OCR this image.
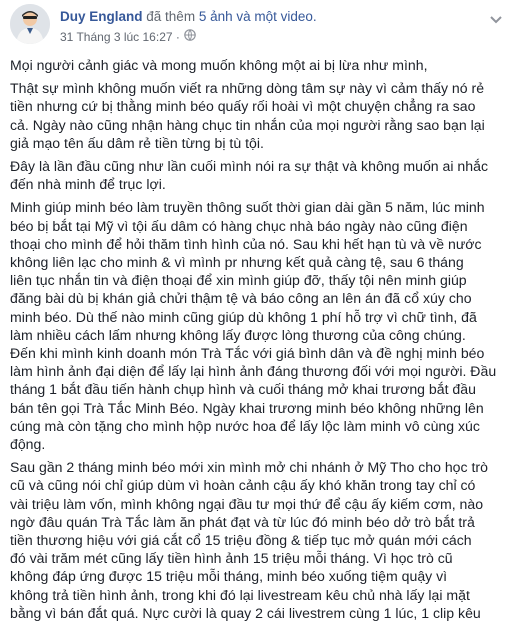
Duy England đã thêm 5 ảnh và một video.
31 Tháng 3 lúc 16:27 ·

Mọi người cảnh giác và mong muốn không một ai bị lừa như mình,

Thật sự mình không muốn viết ra những dòng tâm sự này vì cảm thấy nó rẻ
tiền nhưng cứ bị thằng minh béo quấy rối hoài vì một chuyện chẳng ra sao
cả. Ngày nào cũng nhận hàng chục tin nhắn của mọi người rằng sao bạn lại
giả mạo tên ấu dâm rẻ tiền từng bị tù tội.

Đây là lần đầu cũng như lần cuối mình nói ra sự thật và không muốn ai nhắc
đến nhà minh để trục lợi.

Minh giúp minh béo làm truyền thông suốt thời gian dài gần 5 năm, lúc minh
béo bị bắt tại Mỹ vì tội ấu dâm có hàng chục nhà báo ngày nào cũng điện
thoại cho mình để hỏi thăm tình hình của nó. Sau khi hết hạn tù và về nước
không liên lạc cho minh & vì mình pr nhưng kết quả càng tệ, sau 6 tháng
liên tục nhắn tin và điện thoại để xin mình giúp đỡ, thấy tội nên minh giúp
đăng bài dù bị khán giả chửi thậm tệ và báo công an lên án đã cổ xúy cho
minh béo. Dù thế nào minh cũng giúp dù không 1 phí hỗ trợ vì chữ tình, đã
làm nhiều cách lấm nhưng không lấy được lòng thương của công chúng.
Đến khi mình kinh doanh món Trà Tắc với giá bình dân và đề nghị minh béo
làm hình ảnh đại diện để lấy lại hình ảnh đáng thương đối với mọi người. Đầu
tháng 1 bắt đầu tiến hành chụp hình và cuối tháng mở khai trương bắt đầu
bán tên gọi Trà Tắc Minh Béo. Ngày khai trương minh béo không những lên
cúng mà còn tặng cho mình hộp nước hoa để lấy lộc làm minh vô cùng xúc
động.

Sau gần 2 tháng minh béo mới xin mình mở chi nhánh ở Mỹ Tho cho học trò
cũ và cũng nói chỉ giúp dùm vì hoàn cảnh cậu ấy khó khăn trong tay chỉ có
vài triệu làm vốn, mình không ngại đầu tư mọi thứ để cậu ấy kiếm cơm, nào
ngờ đâu quán Trà Tắc làm ăn phát đạt và từ lúc đó minh béo dở trò bắt trả
tiền thương hiệu với giá cắt cổ 15 triệu đồng & tiếp tục mở quán mới cách
đó vài trăm mét cũng lấy tiền hình ảnh 15 triệu mỗi tháng. Vì học trò cũ
không đáp ứng được 15 triệu mỗi tháng, minh béo xuống tiệm quậy vì
không trả tiền hình ảnh, trong khi đó lại livestream kêu chủ nhà lấy lại mặt
bằng vì bán đắt quá. Nực cười là quay 2 cái livestrem cùng 1 lúc, 1 clip kêu
